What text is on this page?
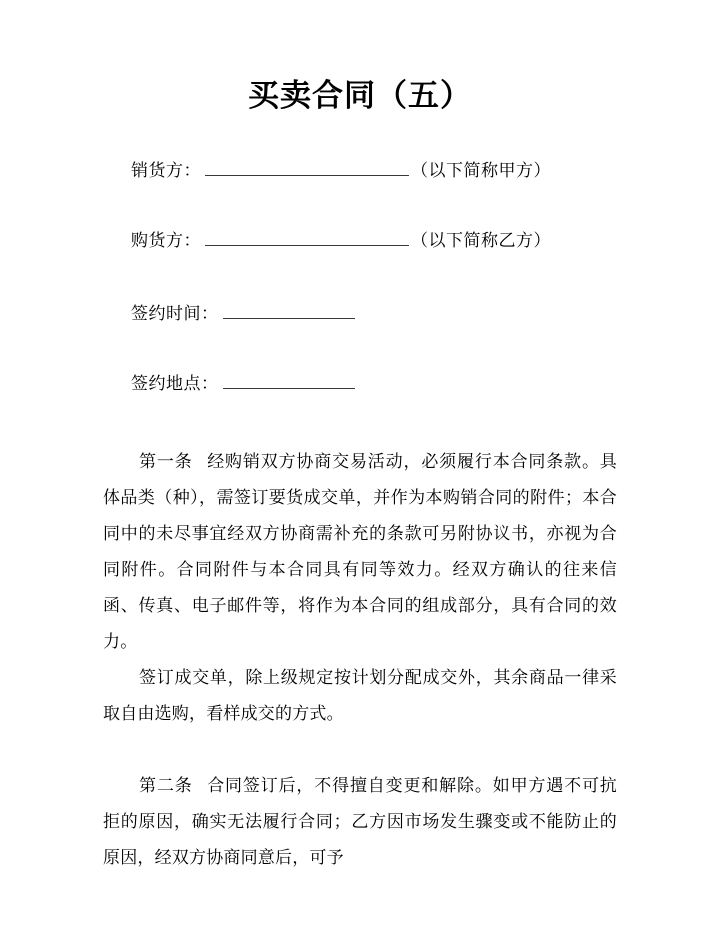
买卖合同（五）
销货方：	（以下简称甲方）
购货方：	（以下简称乙方）
签约时间：
签约地点：

第一条 经购销双方协商交易活动，必须履行本合同条款。具体品类（种），需签订要货成交单，并作为本购销合同的附件；本合同中的未尽事宜经双方协商需补充的条款可另附协议书，亦视为合同附件。合同附件与本合同具有同等效力。经双方确认的往来信函、传真、电子邮件等，将作为本合同的组成部分，具有合同的效力。

签订成交单，除上级规定按计划分配成交外，其余商品一律采取自由选购，看样成交的方式。

第二条 合同签订后，不得擅自变更和解除。如甲方遇不可抗拒的原因，确实无法履行合同；乙方因市场发生骤变或不能防止的原因，经双方协商同意后，可予
